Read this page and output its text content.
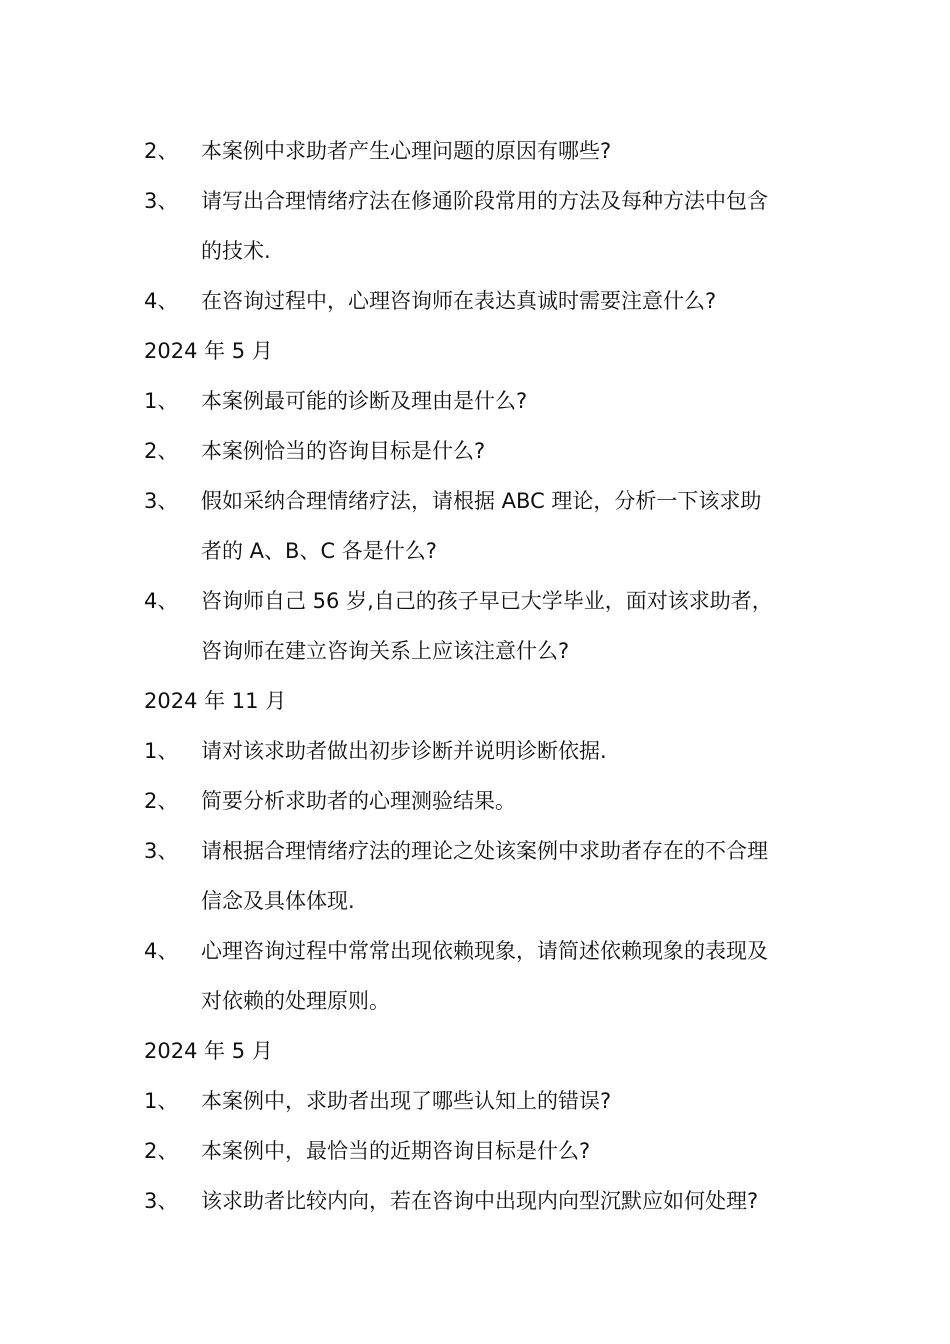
2、	本案例中求助者产生心理问题的原因有哪些?
3、	请写出合理情绪疗法在修通阶段常用的方法及每种方法中包含
的技术.
4、	在咨询过程中，心理咨询师在表达真诚时需要注意什么?
2024 年 5 月
1、	本案例最可能的诊断及理由是什么?
2、	本案例恰当的咨询目标是什么?
3、	假如采纳合理情绪疗法，请根据 ABC 理论，分析一下该求助
者的 A、B、C 各是什么?
4、	咨询师自己 56 岁,自己的孩子早已大学毕业，面对该求助者，
咨询师在建立咨询关系上应该注意什么?
2024 年 11 月
1、	请对该求助者做出初步诊断并说明诊断依据.
2、	简要分析求助者的心理测验结果。
3、	请根据合理情绪疗法的理论之处该案例中求助者存在的不合理
信念及具体体现.
4、	心理咨询过程中常常出现依赖现象，请简述依赖现象的表现及
对依赖的处理原则。
2024 年 5 月
1、	本案例中，求助者出现了哪些认知上的错误?
2、	本案例中，最恰当的近期咨询目标是什么?
3、	该求助者比较内向，若在咨询中出现内向型沉默应如何处理?
